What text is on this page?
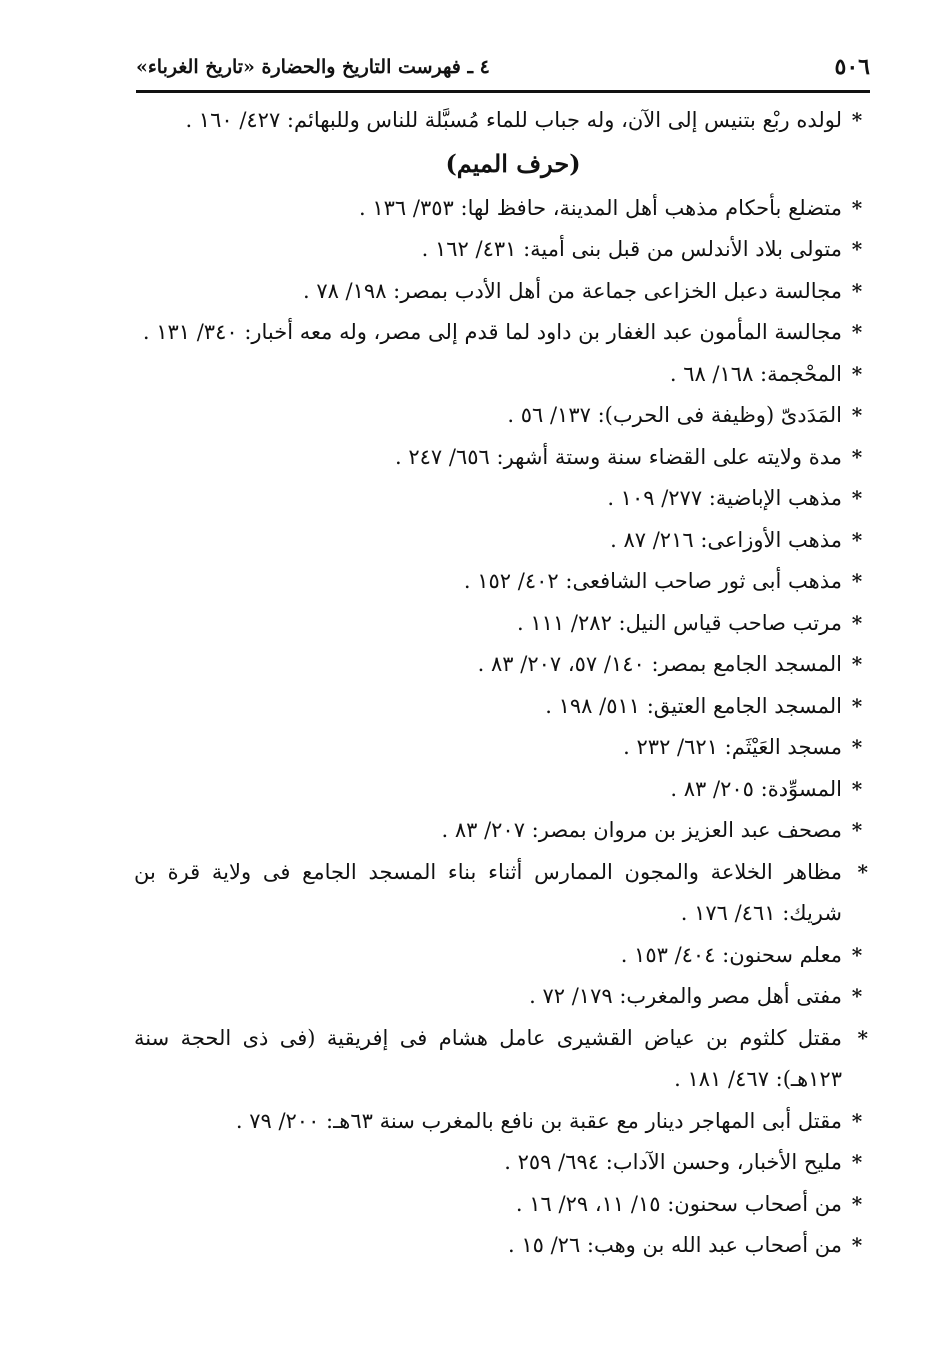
٥٠٦
٤ ـ فهرست التاريخ والحضارة «تاريخ الغرباء»

*
لولده ربْع بتنيس إلى الآن، وله جباب للماء مُسبَّلة للناس وللبهائم: ٤٢٧/ ١٦٠ .

(حرف الميم)

*
متضلع بأحكام مذهب أهل المدينة، حافظ لها: ٣٥٣/ ١٣٦ .

*
متولى بلاد الأندلس من قبل بنى أمية: ٤٣١/ ١٦٢ .

*
مجالسة دعبل الخزاعى جماعة من أهل الأدب بمصر: ١٩٨/ ٧٨ .

*
مجالسة المأمون عبد الغفار بن داود لما قدم إلى مصر، وله معه أخبار: ٣٤٠/ ١٣١ .

*
المحْجمة: ١٦٨/ ٦٨ .

*
المَدَدىّ (وظيفة فى الحرب): ١٣٧/ ٥٦ .

*
مدة ولايته على القضاء سنة وستة أشهر: ٦٥٦/ ٢٤٧ .

*
مذهب الإباضية: ٢٧٧/ ١٠٩ .

*
مذهب الأوزاعى: ٢١٦/ ٨٧ .

*
مذهب أبى ثور صاحب الشافعى: ٤٠٢/ ١٥٢ .

*
مرتب صاحب قياس النيل: ٢٨٢/ ١١١ .

*
المسجد الجامع بمصر: ١٤٠/ ٥٧، ٢٠٧/ ٨٣ .

*
المسجد الجامع العتيق: ٥١١/ ١٩٨ .

*
مسجد العَيْثَم: ٦٢١/ ٢٣٢ .

*
المسوِّدة: ٢٠٥/ ٨٣ .

*
مصحف عبد العزيز بن مروان بمصر: ٢٠٧/ ٨٣ .

*
مظاهر الخلاعة والمجون الممارس أثناء بناء المسجد الجامع فى ولاية قرة بن شريك: ٤٦١/ ١٧٦ .

*
معلم سحنون: ٤٠٤/ ١٥٣ .

*
مفتى أهل مصر والمغرب: ١٧٩/ ٧٢ .

*
مقتل كلثوم بن عياض القشيرى عامل هشام فى إفريقية (فى ذى الحجة سنة ١٢٣هـ): ٤٦٧/ ١٨١ .

*
مقتل أبى المهاجر دينار مع عقبة بن نافع بالمغرب سنة ٦٣هـ: ٢٠٠/ ٧٩ .

*
مليح الأخبار، وحسن الآداب: ٦٩٤/ ٢٥٩ .

*
من أصحاب سحنون: ١٥/ ١١، ٢٩/ ١٦ .

*
من أصحاب عبد الله بن وهب: ٢٦/ ١٥ .
